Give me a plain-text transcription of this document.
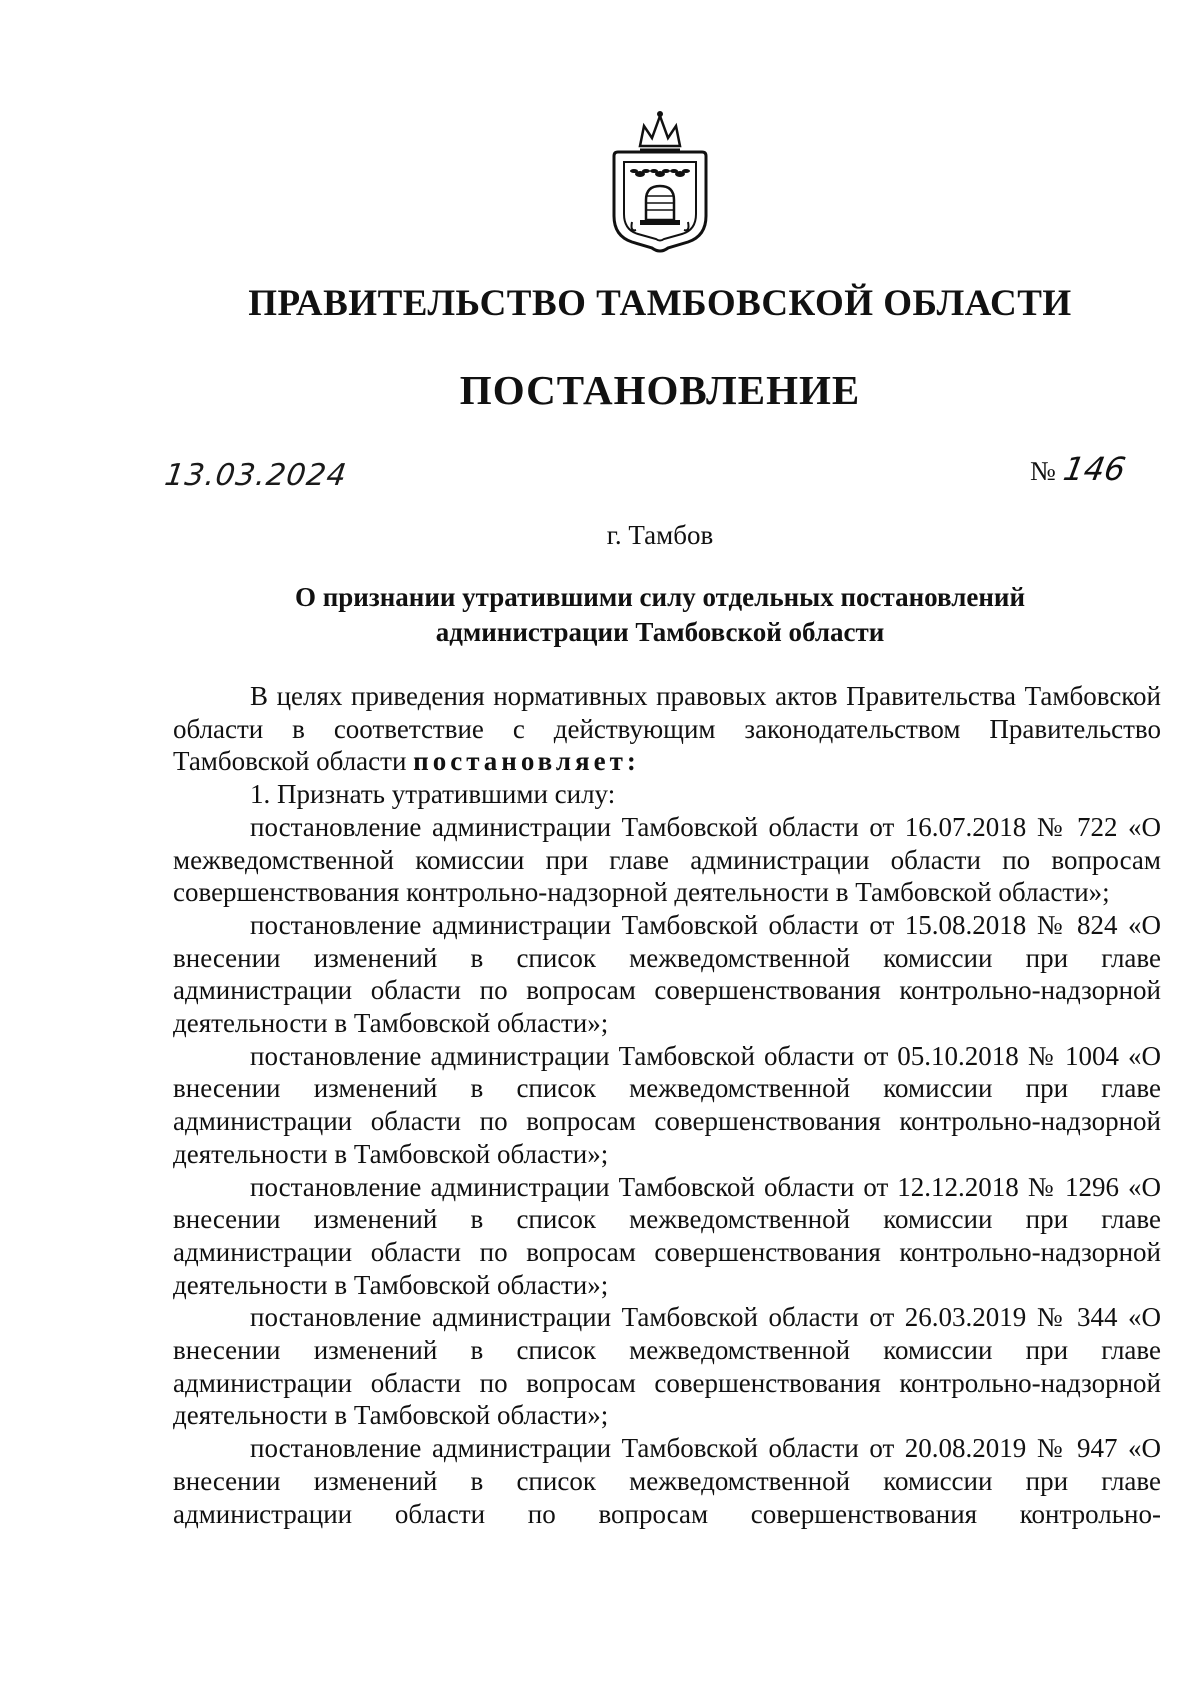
ПРАВИТЕЛЬСТВО ТАМБОВСКОЙ ОБЛАСТИ
ПОСТАНОВЛЕНИЕ
13.03.2024	№ 146
г. Тамбов
О признании утратившими силу отдельных постановлений
администрации Тамбовской области

В целях приведения нормативных правовых актов Правительства Тамбовской области в соответствие с действующим законодательством Правительство Тамбовской области постановляет:

1. Признать утратившими силу:

постановление администрации Тамбовской области от 16.07.2018 № 722 «О межведомственной комиссии при главе администрации области по вопросам совершенствования контрольно-надзорной деятельности в Тамбовской области»;

постановление администрации Тамбовской области от 15.08.2018 № 824 «О внесении изменений в список межведомственной комиссии при главе администрации области по вопросам совершенствования контрольно-надзорной деятельности в Тамбовской области»;

постановление администрации Тамбовской области от 05.10.2018 № 1004 «О внесении изменений в список межведомственной комиссии при главе администрации области по вопросам совершенствования контрольно-надзорной деятельности в Тамбовской области»;

постановление администрации Тамбовской области от 12.12.2018 № 1296 «О внесении изменений в список межведомственной комиссии при главе администрации области по вопросам совершенствования контрольно-надзорной деятельности в Тамбовской области»;

постановление администрации Тамбовской области от 26.03.2019 № 344 «О внесении изменений в список межведомственной комиссии при главе администрации области по вопросам совершенствования контрольно-надзорной деятельности в Тамбовской области»;

постановление администрации Тамбовской области от 20.08.2019 № 947 «О внесении изменений в список межведомственной комиссии при главе администрации области по вопросам совершенствования контрольно-
